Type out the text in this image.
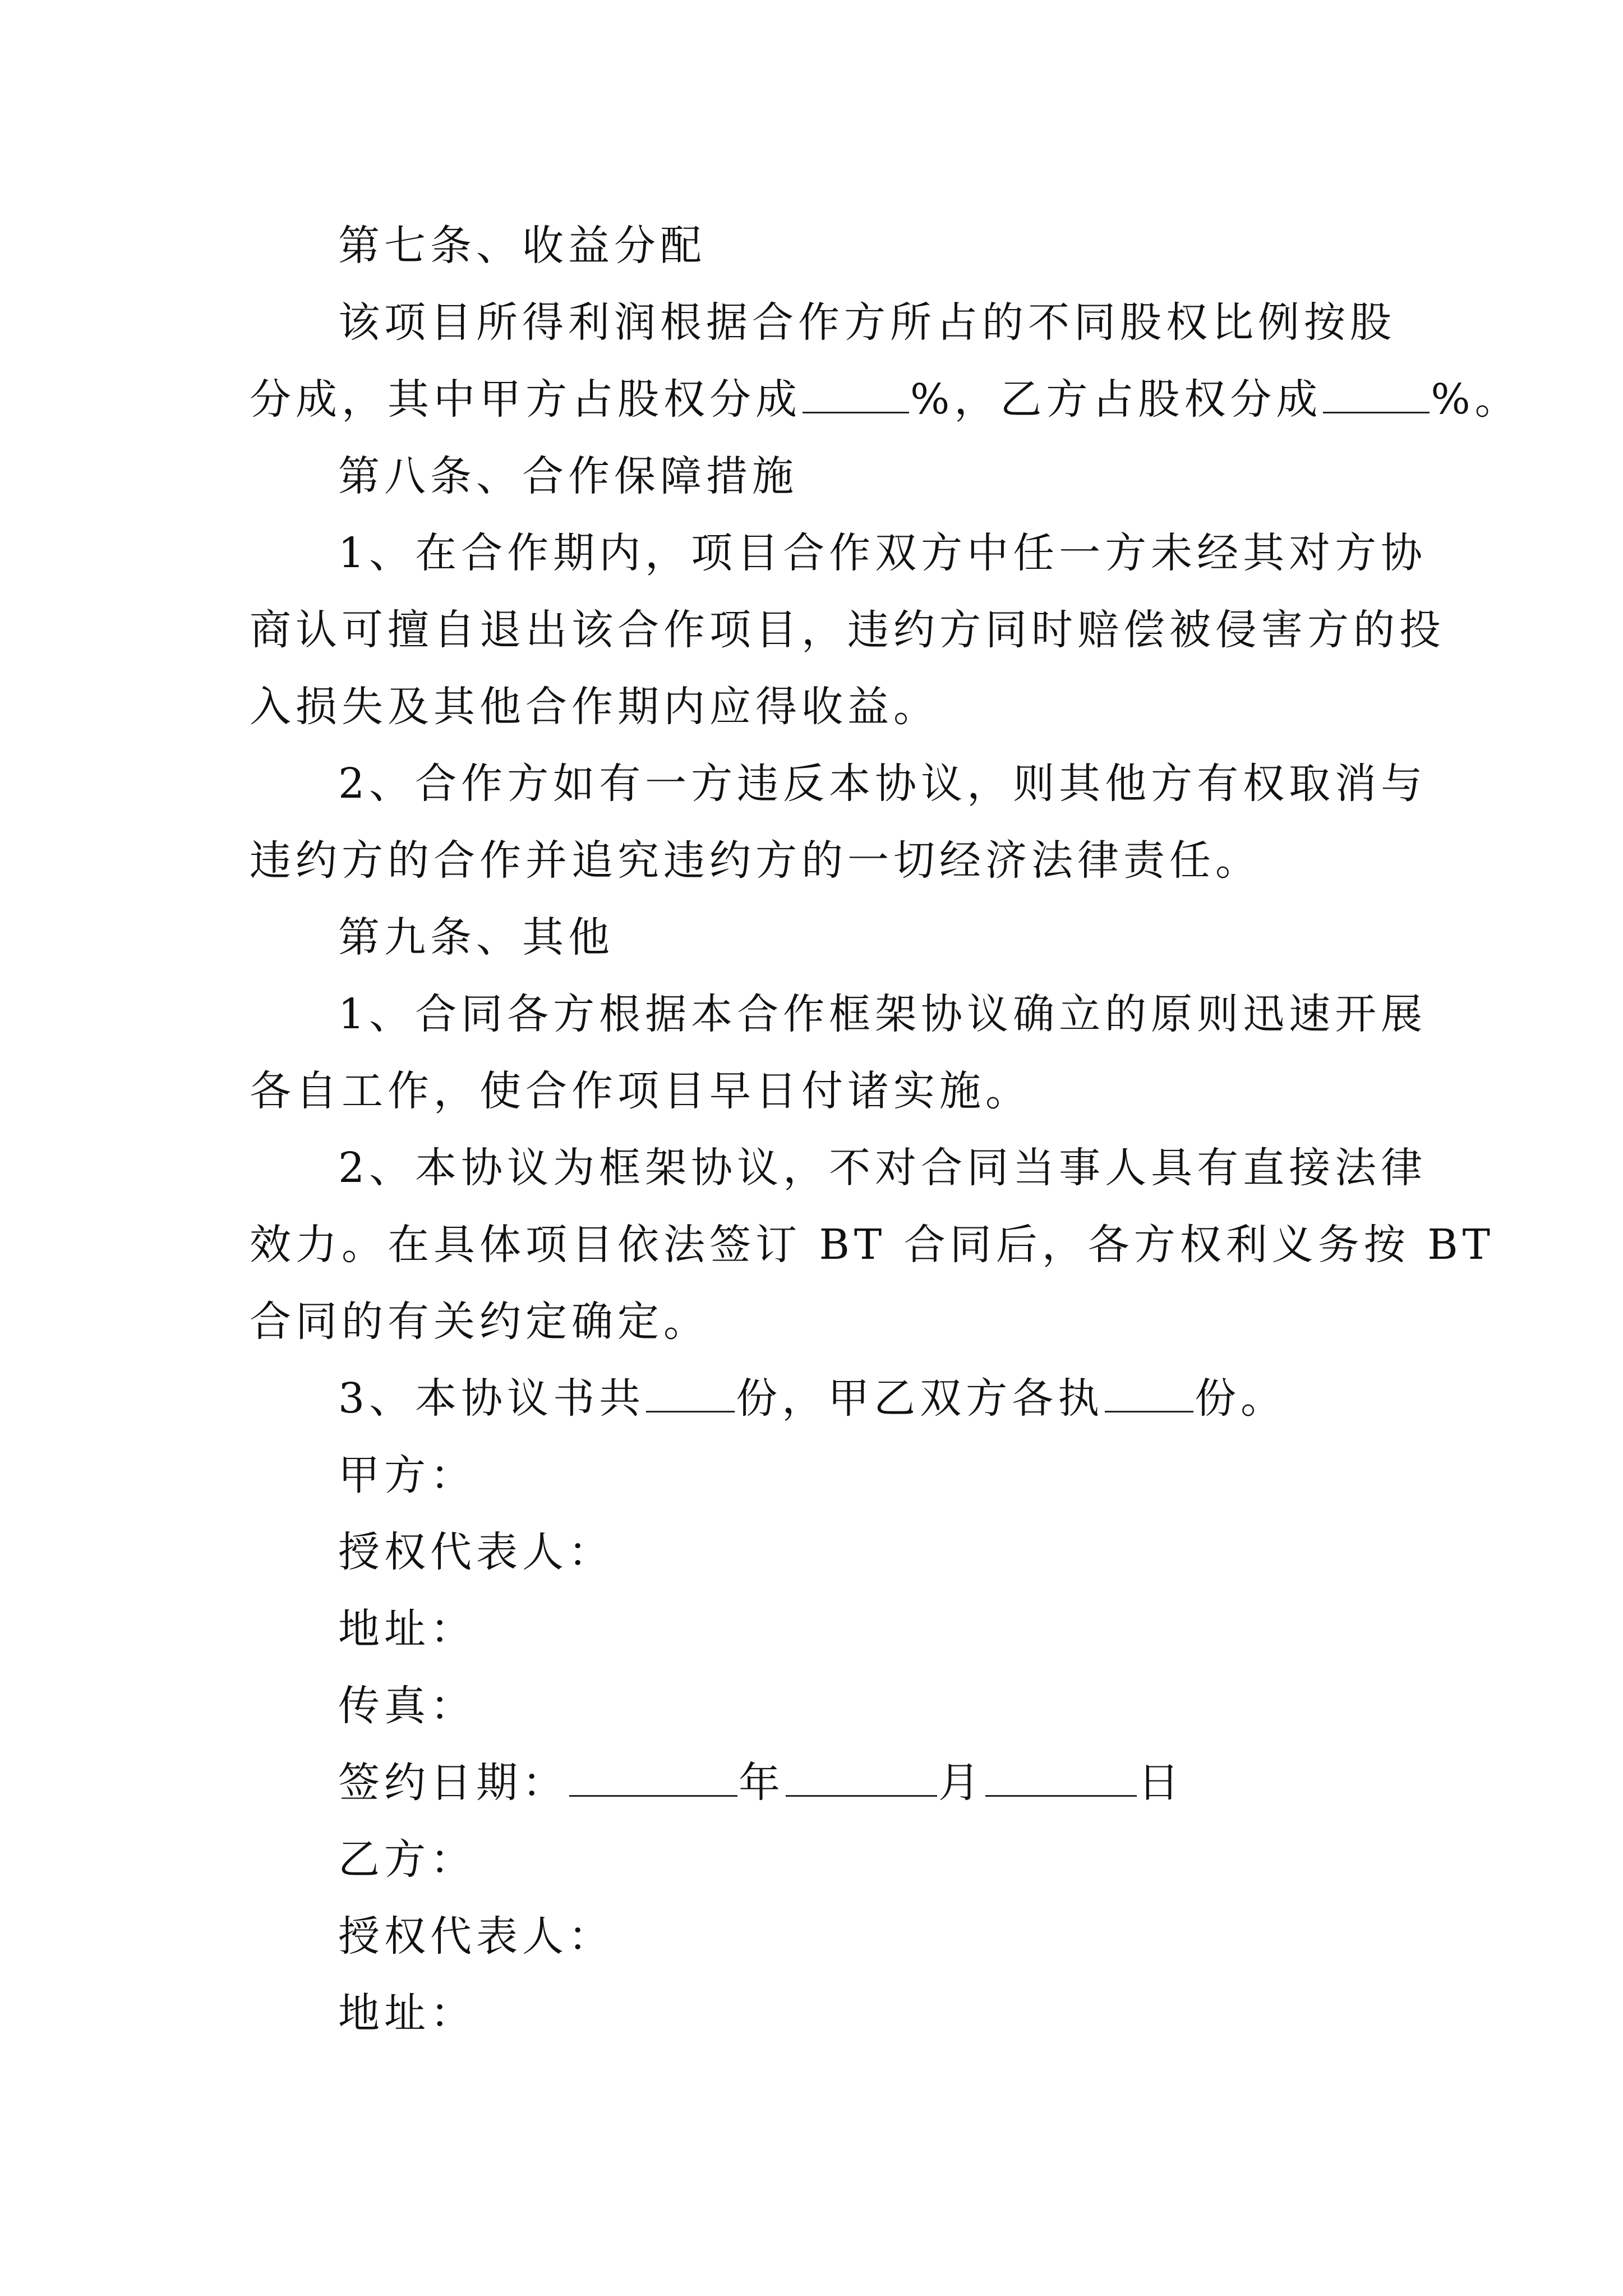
第七条、收益分配

该项目所得利润根据合作方所占的不同股权比例按股
分成，其中甲方占股权分成	%，乙方占股权分成	%。

第八条、合作保障措施

1、在合作期内，项目合作双方中任一方未经其对方协
商认可擅自退出该合作项目，违约方同时赔偿被侵害方的投
入损失及其他合作期内应得收益。
2、合作方如有一方违反本协议，则其他方有权取消与
违约方的合作并追究违约方的一切经济法律责任。

第九条、其他

1、合同各方根据本合作框架协议确立的原则迅速开展
各自工作，使合作项目早日付诸实施。
2、本协议为框架协议，不对合同当事人具有直接法律
效力。在具体项目依法签订 BT 合同后，各方权利义务按 BT
合同的有关约定确定。
3、本协议书共 份，甲乙双方各执 份。

甲方：

授权代表人：

地址：

传真：

签约日期：	年	月	日

乙方：

授权代表人：

地址：
